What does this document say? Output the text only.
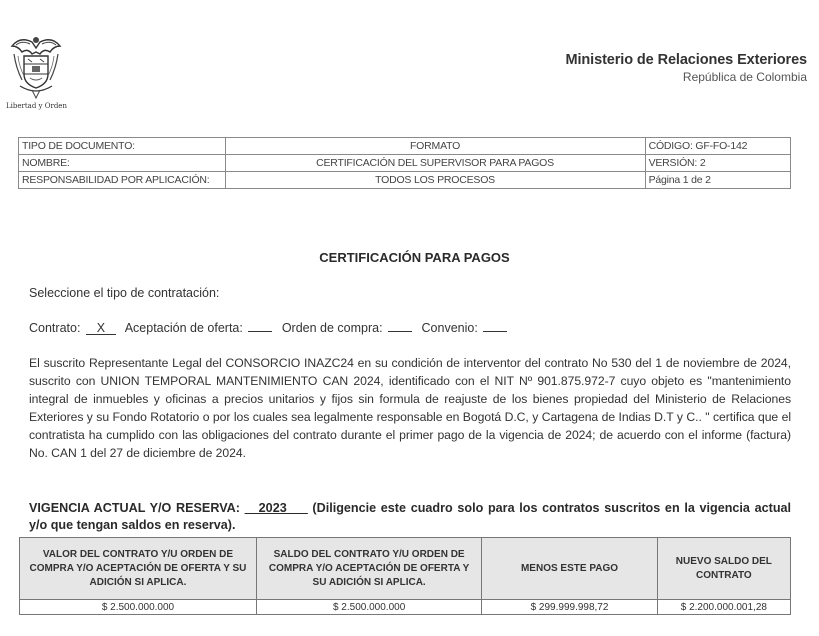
Libertad y Orden
Ministerio de Relaciones Exteriores
República de Colombia
TIPO DE DOCUMENTO:	FORMATO	CÓDIGO: GF-FO-142
NOMBRE:	CERTIFICACIÓN DEL SUPERVISOR PARA PAGOS	VERSIÓN: 2
RESPONSABILIDAD POR APLICACIÓN:	TODOS LOS PROCESOS	Página 1 de 2
CERTIFICACIÓN PARA PAGOS
Seleccione el tipo de contratación:
Contrato: X Aceptación de oferta:	Orden de compra:	Convenio:
El suscrito Representante Legal del CONSORCIO INAZC24 en su condición de interventor del contrato No 530 del 1 de noviembre de 2024, suscrito con UNION TEMPORAL MANTENIMIENTO CAN 2024, identificado con el NIT Nº 901.875.972-7 cuyo objeto es "mantenimiento integral de inmuebles y oficinas a precios unitarios y fijos sin formula de reajuste de los bienes propiedad del Ministerio de Relaciones Exteriores y su Fondo Rotatorio o por los cuales sea legalmente responsable en Bogotá D.C, y Cartagena de Indias D.T y C.. " certifica que el contratista ha cumplido con las obligaciones del contrato durante el primer pago de la vigencia de 2024; de acuerdo con el informe (factura) No. CAN 1 del 27 de diciembre de 2024.
VIGENCIA ACTUAL Y/O RESERVA: __2023___ (Diligencie este cuadro solo para los contratos suscritos en la vigencia actual y/o que tengan saldos en reserva).
VALOR DEL CONTRATO Y/U ORDEN DE COMPRA Y/O ACEPTACIÓN DE OFERTA Y SU ADICIÓN SI APLICA.	SALDO DEL CONTRATO Y/U ORDEN DE COMPRA Y/O ACEPTACIÓN DE OFERTA Y SU ADICIÓN SI APLICA.	MENOS ESTE PAGO	NUEVO SALDO DEL CONTRATO
$ 2.500.000.000	$ 2.500.000.000	$ 299.999.998,72	$ 2.200.000.001,28
